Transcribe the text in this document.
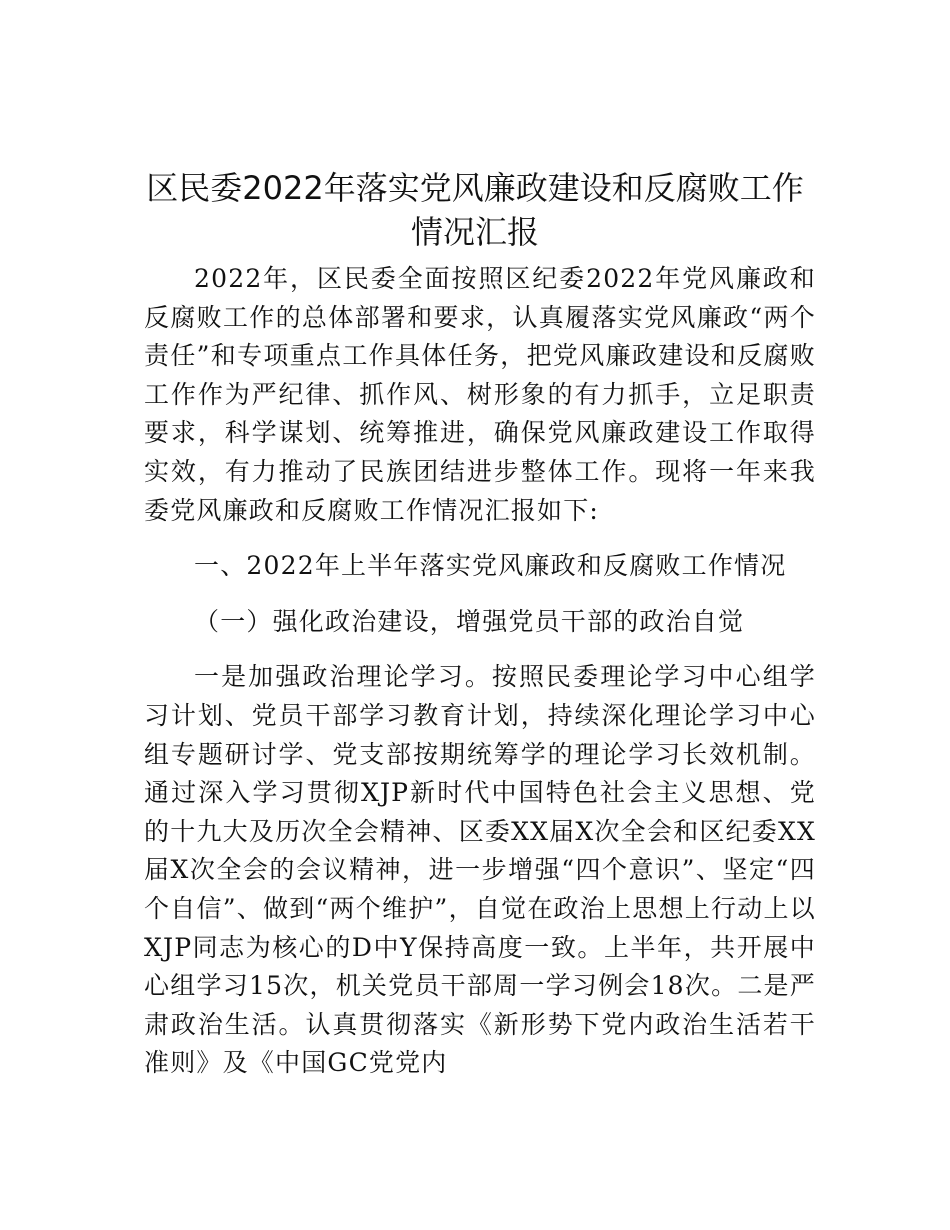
区民委2022年落实党风廉政建设和反腐败工作
情况汇报

2022年，区民委全面按照区纪委2022年党风廉政和反腐败工作的总体部署和要求，认真履落实党风廉政“两个责任”和专项重点工作具体任务，把党风廉政建设和反腐败工作作为严纪律、抓作风、树形象的有力抓手，立足职责要求，科学谋划、统筹推进，确保党风廉政建设工作取得实效，有力推动了民族团结进步整体工作。现将一年来我委党风廉政和反腐败工作情况汇报如下:

一、2022年上半年落实党风廉政和反腐败工作情况

（一）强化政治建设，增强党员干部的政治自觉

一是加强政治理论学习。按照民委理论学习中心组学习计划、党员干部学习教育计划，持续深化理论学习中心组专题研讨学、党支部按期统筹学的理论学习长效机制。通过深入学习贯彻XJP新时代中国特色社会主义思想、党的十九大及历次全会精神、区委XX届X次全会和区纪委XX届X次全会的会议精神，进一步增强“四个意识”、坚定“四个自信”、做到“两个维护”，自觉在政治上思想上行动上以XJP同志为核心的D中Y保持高度一致。上半年，共开展中心组学习15次，机关党员干部周一学习例会18次。二是严肃政治生活。认真贯彻落实《新形势下党内政治生活若干准则》及《中国GC党党内
